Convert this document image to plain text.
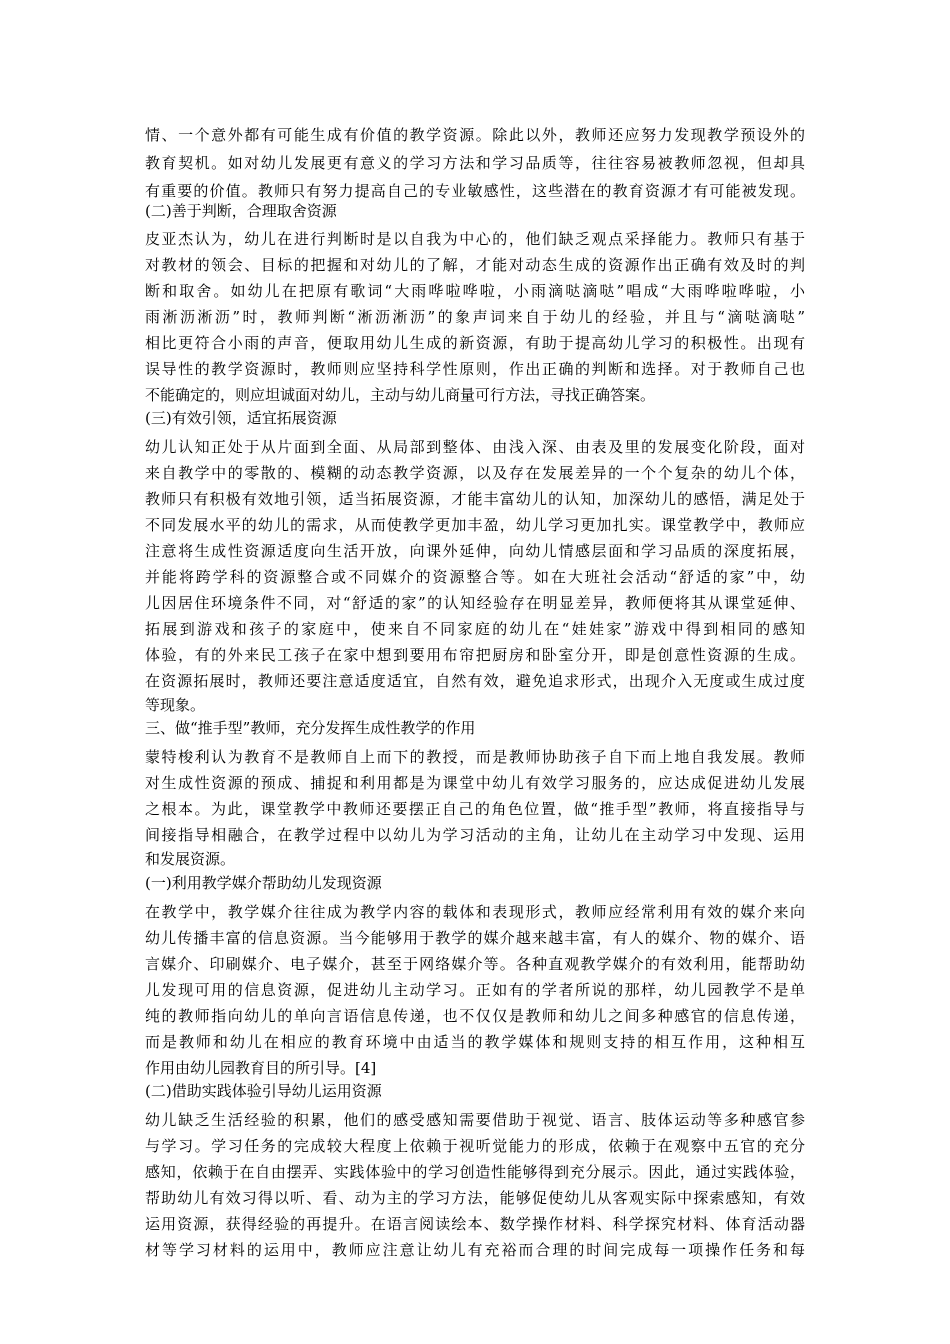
情、一个意外都有可能生成有价值的教学资源。除此以外，教师还应努力发现教学预设外的
教育契机。如对幼儿发展更有意义的学习方法和学习品质等，往往容易被教师忽视，但却具
有重要的价值。教师只有努力提高自己的专业敏感性，这些潜在的教育资源才有可能被发现。
(二)善于判断，合理取舍资源
皮亚杰认为，幼儿在进行判断时是以自我为中心的，他们缺乏观点采择能力。教师只有基于
对教材的领会、目标的把握和对幼儿的了解，才能对动态生成的资源作出正确有效及时的判
断和取舍。如幼儿在把原有歌词“大雨哗啦哗啦，小雨滴哒滴哒”唱成“大雨哗啦哗啦，小
雨淅沥淅沥”时，教师判断“淅沥淅沥”的象声词来自于幼儿的经验，并且与“滴哒滴哒”
相比更符合小雨的声音，便取用幼儿生成的新资源，有助于提高幼儿学习的积极性。出现有
误导性的教学资源时，教师则应坚持科学性原则，作出正确的判断和选择。对于教师自己也
不能确定的，则应坦诚面对幼儿，主动与幼儿商量可行方法，寻找正确答案。
(三)有效引领，适宜拓展资源
幼儿认知正处于从片面到全面、从局部到整体、由浅入深、由表及里的发展变化阶段，面对
来自教学中的零散的、模糊的动态教学资源，以及存在发展差异的一个个复杂的幼儿个体，
教师只有积极有效地引领，适当拓展资源，才能丰富幼儿的认知，加深幼儿的感悟，满足处于
不同发展水平的幼儿的需求，从而使教学更加丰盈，幼儿学习更加扎实。课堂教学中，教师应
注意将生成性资源适度向生活开放，向课外延伸，向幼儿情感层面和学习品质的深度拓展，
并能将跨学科的资源整合或不同媒介的资源整合等。如在大班社会活动“舒适的家”中，幼
儿因居住环境条件不同，对“舒适的家”的认知经验存在明显差异，教师便将其从课堂延伸、
拓展到游戏和孩子的家庭中，使来自不同家庭的幼儿在“娃娃家”游戏中得到相同的感知
体验，有的外来民工孩子在家中想到要用布帘把厨房和卧室分开，即是创意性资源的生成。
在资源拓展时，教师还要注意适度适宜，自然有效，避免追求形式，出现介入无度或生成过度
等现象。
三、做“推手型”教师，充分发挥生成性教学的作用
蒙特梭利认为教育不是教师自上而下的教授，而是教师协助孩子自下而上地自我发展。教师
对生成性资源的预成、捕捉和利用都是为课堂中幼儿有效学习服务的，应达成促进幼儿发展
之根本。为此，课堂教学中教师还要摆正自己的角色位置，做“推手型”教师，将直接指导与
间接指导相融合，在教学过程中以幼儿为学习活动的主角，让幼儿在主动学习中发现、运用
和发展资源。
(一)利用教学媒介帮助幼儿发现资源
在教学中，教学媒介往往成为教学内容的载体和表现形式，教师应经常利用有效的媒介来向
幼儿传播丰富的信息资源。当今能够用于教学的媒介越来越丰富，有人的媒介、物的媒介、语
言媒介、印刷媒介、电子媒介，甚至于网络媒介等。各种直观教学媒介的有效利用，能帮助幼
儿发现可用的信息资源，促进幼儿主动学习。正如有的学者所说的那样，幼儿园教学不是单
纯的教师指向幼儿的单向言语信息传递，也不仅仅是教师和幼儿之间多种感官的信息传递，
而是教师和幼儿在相应的教育环境中由适当的教学媒体和规则支持的相互作用，这种相互
作用由幼儿园教育目的所引导。[4]
(二)借助实践体验引导幼儿运用资源
幼儿缺乏生活经验的积累，他们的感受感知需要借助于视觉、语言、肢体运动等多种感官参
与学习。学习任务的完成较大程度上依赖于视听觉能力的形成，依赖于在观察中五官的充分
感知，依赖于在自由摆弄、实践体验中的学习创造性能够得到充分展示。因此，通过实践体验，
帮助幼儿有效习得以听、看、动为主的学习方法，能够促使幼儿从客观实际中探索感知，有效
运用资源，获得经验的再提升。在语言阅读绘本、数学操作材料、科学探究材料、体育活动器
材等学习材料的运用中，教师应注意让幼儿有充裕而合理的时间完成每一项操作任务和每
